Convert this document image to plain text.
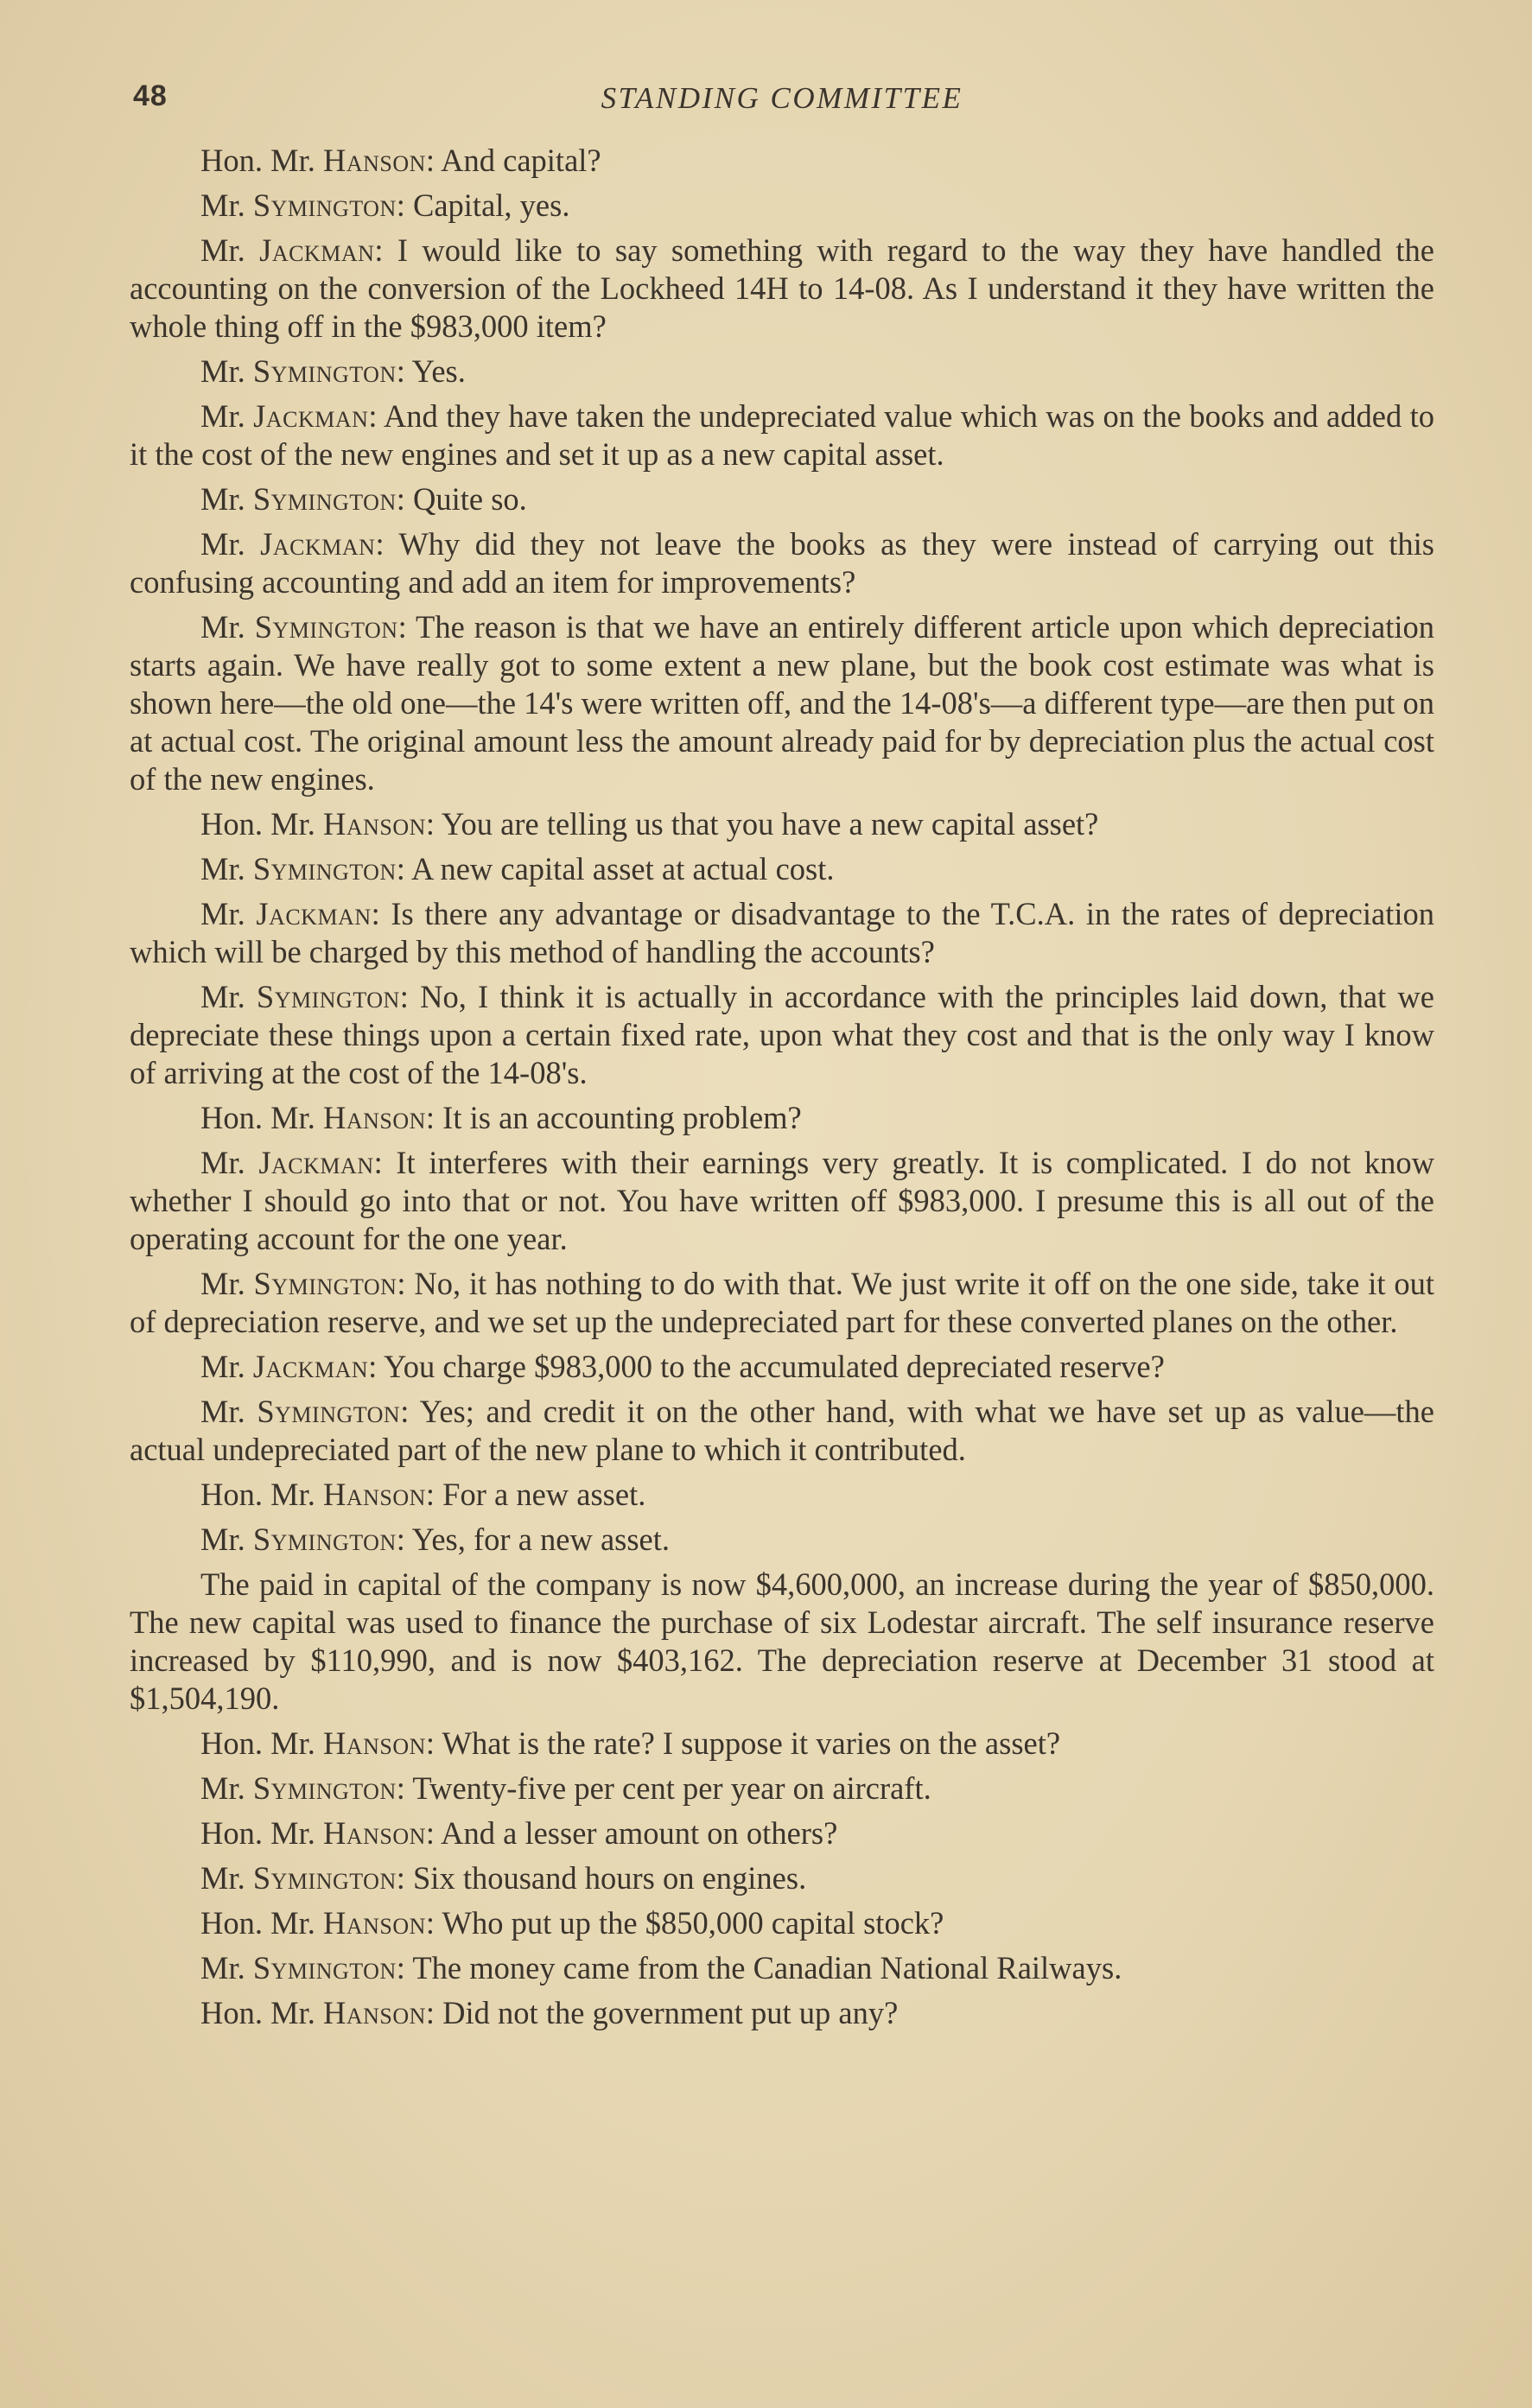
48	STANDING COMMITTEE

Hon. Mr. Hanson: And capital?

Mr. Symington: Capital, yes.

Mr. Jackman: I would like to say something with regard to the way they have handled the accounting on the conversion of the Lockheed 14H to 14-08. As I understand it they have written the whole thing off in the $983,000 item?

Mr. Symington: Yes.

Mr. Jackman: And they have taken the undepreciated value which was on the books and added to it the cost of the new engines and set it up as a new capital asset.

Mr. Symington: Quite so.

Mr. Jackman: Why did they not leave the books as they were instead of carrying out this confusing accounting and add an item for improvements?

Mr. Symington: The reason is that we have an entirely different article upon which depreciation starts again. We have really got to some extent a new plane, but the book cost estimate was what is shown here—the old one—the 14's were written off, and the 14-08's—a different type—are then put on at actual cost. The original amount less the amount already paid for by depreciation plus the actual cost of the new engines.

Hon. Mr. Hanson: You are telling us that you have a new capital asset?

Mr. Symington: A new capital asset at actual cost.

Mr. Jackman: Is there any advantage or disadvantage to the T.C.A. in the rates of depreciation which will be charged by this method of handling the accounts?

Mr. Symington: No, I think it is actually in accordance with the principles laid down, that we depreciate these things upon a certain fixed rate, upon what they cost and that is the only way I know of arriving at the cost of the 14-08's.

Hon. Mr. Hanson: It is an accounting problem?

Mr. Jackman: It interferes with their earnings very greatly. It is complicated. I do not know whether I should go into that or not. You have written off $983,000. I presume this is all out of the operating account for the one year.

Mr. Symington: No, it has nothing to do with that. We just write it off on the one side, take it out of depreciation reserve, and we set up the undepreciated part for these converted planes on the other.

Mr. Jackman: You charge $983,000 to the accumulated depreciated reserve?

Mr. Symington: Yes; and credit it on the other hand, with what we have set up as value—the actual undepreciated part of the new plane to which it contributed.

Hon. Mr. Hanson: For a new asset.

Mr. Symington: Yes, for a new asset.

The paid in capital of the company is now $4,600,000, an increase during the year of $850,000. The new capital was used to finance the purchase of six Lodestar aircraft. The self insurance reserve increased by $110,990, and is now $403,162. The depreciation reserve at December 31 stood at $1,504,190.

Hon. Mr. Hanson: What is the rate? I suppose it varies on the asset?

Mr. Symington: Twenty-five per cent per year on aircraft.

Hon. Mr. Hanson: And a lesser amount on others?

Mr. Symington: Six thousand hours on engines.

Hon. Mr. Hanson: Who put up the $850,000 capital stock?

Mr. Symington: The money came from the Canadian National Railways.

Hon. Mr. Hanson: Did not the government put up any?
